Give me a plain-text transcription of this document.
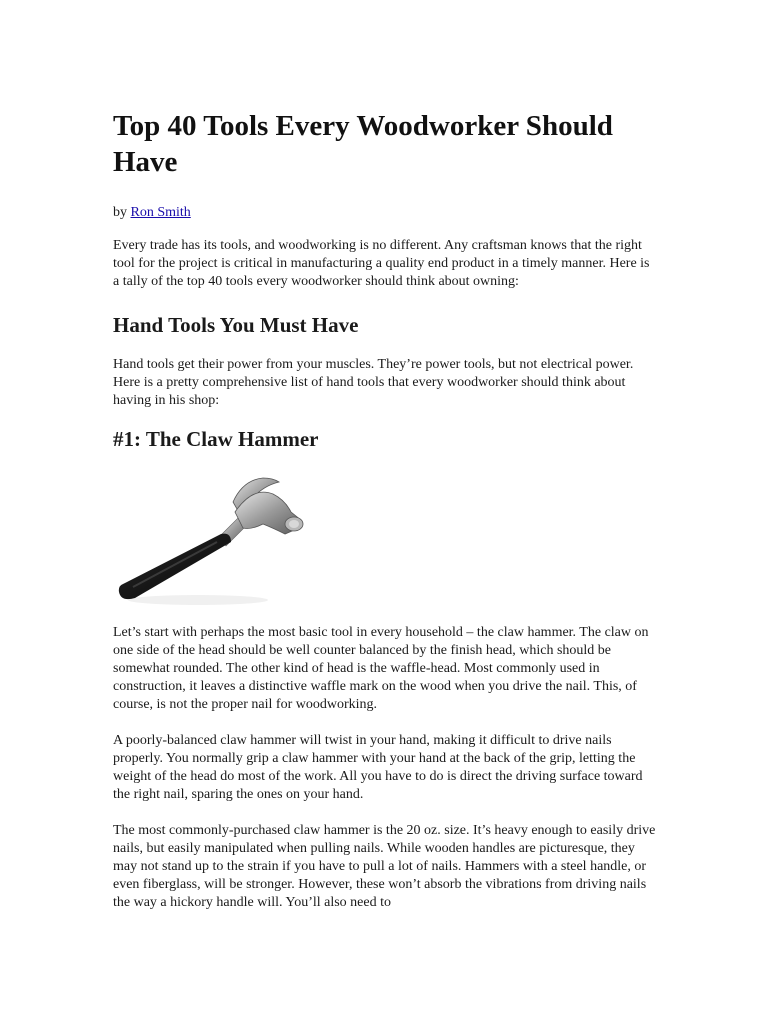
Top 40 Tools Every Woodworker Should Have
by Ron Smith

Every trade has its tools, and woodworking is no different. Any craftsman knows that the right tool for the project is critical in manufacturing a quality end product in a timely manner. Here is a tally of the top 40 tools every woodworker should think about owning:

Hand Tools You Must Have

Hand tools get their power from your muscles. They’re power tools, but not electrical power. Here is a pretty comprehensive list of hand tools that every woodworker should think about having in his shop:

#1: The Claw Hammer

Let’s start with perhaps the most basic tool in every household – the claw hammer. The claw on one side of the head should be well counter balanced by the finish head, which should be somewhat rounded. The other kind of head is the waffle-head. Most commonly used in construction, it leaves a distinctive waffle mark on the wood when you drive the nail. This, of course, is not the proper nail for woodworking.

A poorly-balanced claw hammer will twist in your hand, making it difficult to drive nails properly. You normally grip a claw hammer with your hand at the back of the grip, letting the weight of the head do most of the work. All you have to do is direct the driving surface toward the right nail, sparing the ones on your hand.

The most commonly-purchased claw hammer is the 20 oz. size. It’s heavy enough to easily drive nails, but easily manipulated when pulling nails. While wooden handles are picturesque, they may not stand up to the strain if you have to pull a lot of nails. Hammers with a steel handle, or even fiberglass, will be stronger. However, these won’t absorb the vibrations from driving nails the way a hickory handle will. You’ll also need to
